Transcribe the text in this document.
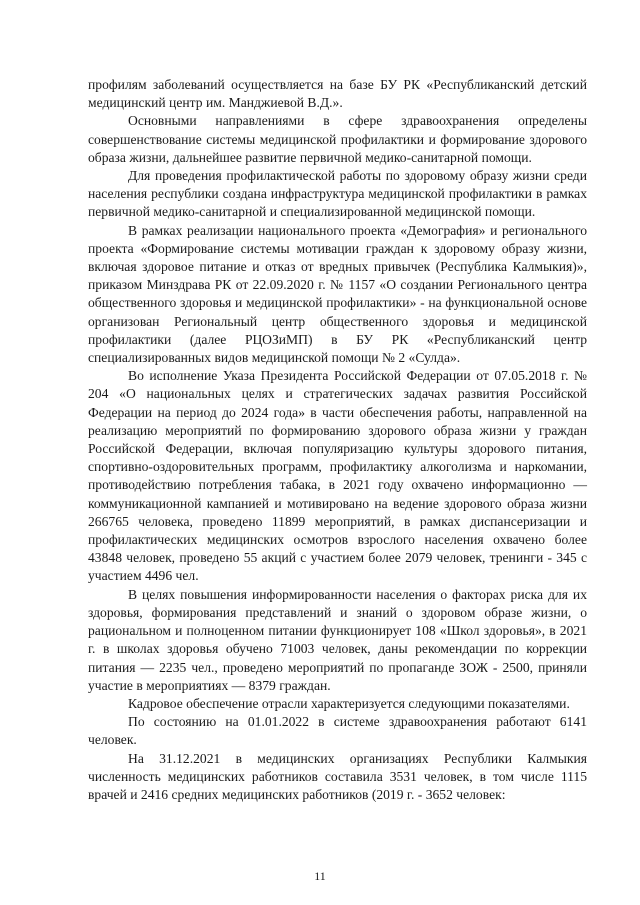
профилям заболеваний осуществляется на базе БУ РК «Республиканский детский медицинский центр им. Манджиевой В.Д.».

Основными направлениями в сфере здравоохранения определены совершенствование системы медицинской профилактики и формирование здорового образа жизни, дальнейшее развитие первичной медико-санитарной помощи.

Для проведения профилактической работы по здоровому образу жизни среди населения республики создана инфраструктура медицинской профилактики в рамках первичной медико-санитарной и специализированной медицинской помощи.

В рамках реализации национального проекта «Демография» и регионального проекта «Формирование системы мотивации граждан к здоровому образу жизни, включая здоровое питание и отказ от вредных привычек (Республика Калмыкия)», приказом Минздрава РК от 22.09.2020 г. № 1157 «О создании Регионального центра общественного здоровья и медицинской профилактики» - на функциональной основе организован Региональный центр общественного здоровья и медицинской профилактики (далее РЦОЗиМП) в БУ РК «Республиканский центр специализированных видов медицинской помощи № 2 «Сулда».

Во исполнение Указа Президента Российской Федерации от 07.05.2018 г. № 204 «О национальных целях и стратегических задачах развития Российской Федерации на период до 2024 года» в части обеспечения работы, направленной на реализацию мероприятий по формированию здорового образа жизни у граждан Российской Федерации, включая популяризацию культуры здорового питания, спортивно-оздоровительных программ, профилактику алкоголизма и наркомании, противодействию потребления табака, в 2021 году охвачено информационно — коммуникационной кампанией и мотивировано на ведение здорового образа жизни 266765 человека, проведено 11899 мероприятий, в рамках диспансеризации и профилактических медицинских осмотров взрослого населения охвачено более 43848 человек, проведено 55 акций с участием более 2079 человек, тренинги - 345 с участием 4496 чел.

В целях повышения информированности населения о факторах риска для их здоровья, формирования представлений и знаний о здоровом образе жизни, о рациональном и полноценном питании функционирует 108 «Школ здоровья», в 2021 г. в школах здоровья обучено 71003 человек, даны рекомендации по коррекции питания — 2235 чел., проведено мероприятий по пропаганде ЗОЖ - 2500, приняли участие в мероприятиях — 8379 граждан.

Кадровое обеспечение отрасли характеризуется следующими показателями.

По состоянию на 01.01.2022 в системе здравоохранения работают 6141 человек.

На 31.12.2021 в медицинских организациях Республики Калмыкия численность медицинских работников составила 3531 человек, в том числе 1115 врачей и 2416 средних медицинских работников (2019 г. - 3652 человек:

11
